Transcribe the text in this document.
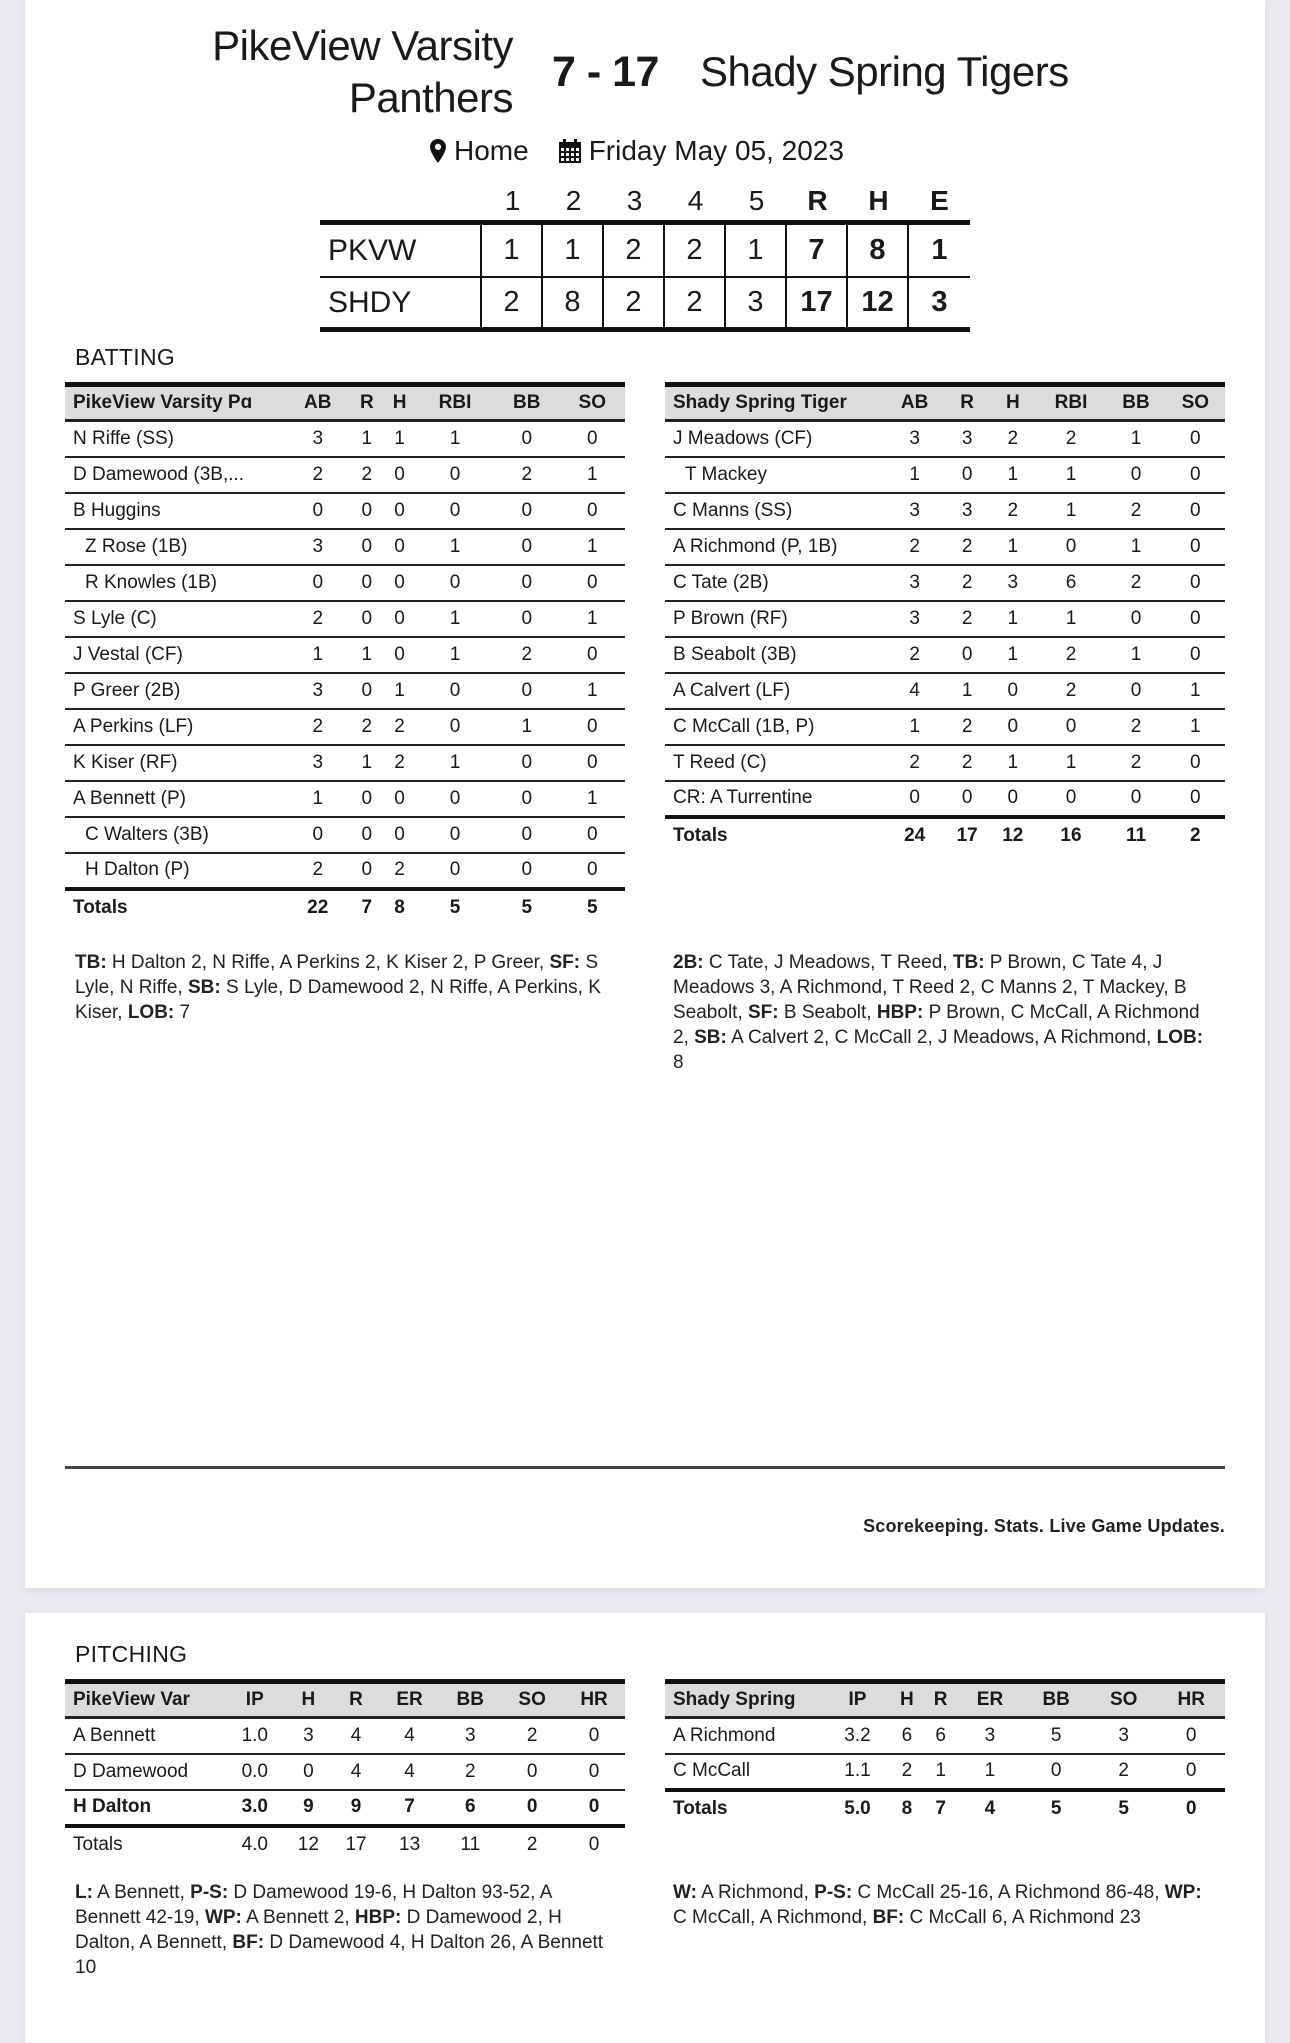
PikeView Varsity
Panthers
7 - 17 Shady Spring Tigers
Home Friday May 05, 2023
1	2	3	4	5	R	H	E
PKVW	1	1	2	2	1	7	8	1
SHDY	2	8	2	2	3	17 12	3
BATTING
PikeView Varsity Pɑ	AB	R	H	RBI	BB	SO
N Riffe (SS)	3	1	1	1	0	0
D Damewood (3B,...	2	2	0	0	2	1
B Huggins	0	0	0	0	0	0
Z Rose (1B)	3	0	0	1	0	1
R Knowles (1B)	0	0	0	0	0	0
S Lyle (C)	2	0	0	1	0	1
J Vestal (CF)	1	1	0	1	2	0
P Greer (2B)	3	0	1	0	0	1
A Perkins (LF)	2	2	2	0	1	0
K Kiser (RF)	3	1	2	1	0	0
A Bennett (P)	1	0	0	0	0	1
C Walters (3B)	0	0	0	0	0	0
H Dalton (P)	2	0	2	0	0	0
Totals	22	7	8	5	5	5
Shady Spring Tiger	AB	R	H	RBI	BB	SO
J Meadows (CF)	3	3	2	2	1	0
T Mackey	1	0	1	1	0	0
C Manns (SS)	3	3	2	1	2	0
A Richmond (P, 1B)	2	2	1	0	1	0
C Tate (2B)	3	2	3	6	2	0
P Brown (RF)	3	2	1	1	0	0
B Seabolt (3B)	2	0	1	2	1	0
A Calvert (LF)	4	1	0	2	0	1
C McCall (1B, P)	1	2	0	0	2	1
T Reed (C)	2	2	1	1	2	0
CR: A Turrentine	0	0	0	0	0	0
Totals	24	17	12	16	11	2
TB: H Dalton 2, N Riffe, A Perkins 2, K Kiser 2, P Greer, SF: S Lyle, N Riffe, SB: S Lyle, D Damewood 2, N Riffe, A Perkins, K Kiser, LOB: 7
2B: C Tate, J Meadows, T Reed, TB: P Brown, C Tate 4, J Meadows 3, A Richmond, T Reed 2, C Manns 2, T Mackey, B Seabolt, SF: B Seabolt, HBP: P Brown, C McCall, A Richmond 2, SB: A Calvert 2, C McCall 2, J Meadows, A Richmond, LOB: 8
Scorekeeping. Stats. Live Game Updates.
PITCHING
PikeView Var	IP	H	R	ER	BB	SO	HR
A Bennett	1.0	3	4	4	3	2	0
D Damewood	0.0	0	4	4	2	0	0
H Dalton	3.0	9	9	7	6	0	0
Totals	4.0	12	17	13	11	2	0
Shady Spring	IP	H	R	ER	BB	SO	HR
A Richmond	3.2	6	6	3	5	3	0
C McCall	1.1	2	1	1	0	2	0
Totals	5.0	8	7	4	5	5	0
L: A Bennett, P-S: D Damewood 19-6, H Dalton 93-52, A Bennett 42-19, WP: A Bennett 2, HBP: D Damewood 2, H Dalton, A Bennett, BF: D Damewood 4, H Dalton 26, A Bennett 10
W: A Richmond, P-S: C McCall 25-16, A Richmond 86-48, WP: C McCall, A Richmond, BF: C McCall 6, A Richmond 23
